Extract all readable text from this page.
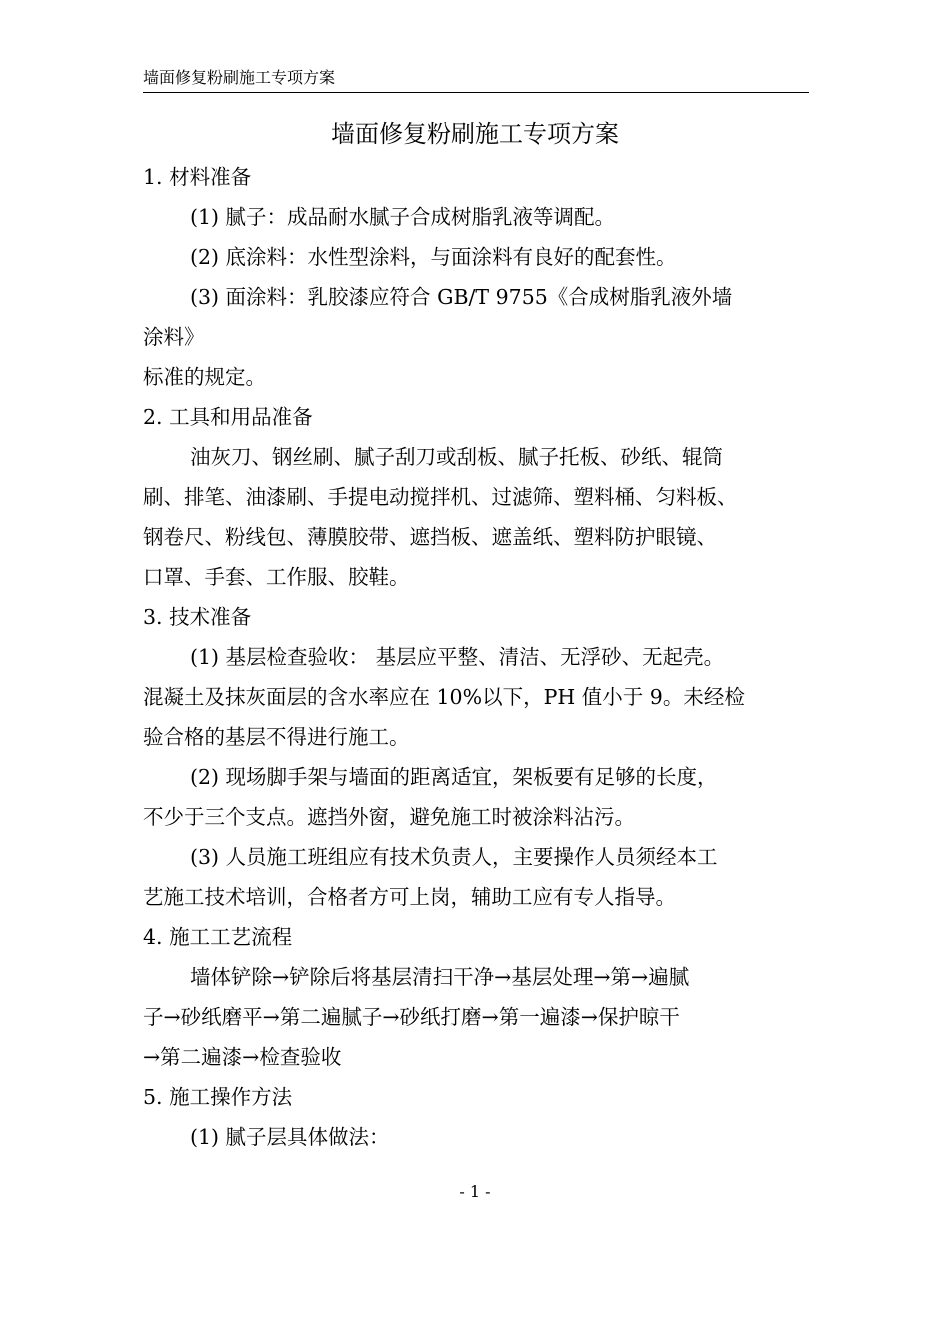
墙面修复粉刷施工专项方案
墙面修复粉刷施工专项方案
1. 材料准备
(1) 腻子：成品耐水腻子合成树脂乳液等调配。
(2) 底涂料：水性型涂料，与面涂料有良好的配套性。
(3) 面涂料：乳胶漆应符合 GB/T 9755《合成树脂乳液外墙
涂料》
标准的规定。
2. 工具和用品准备
油灰刀、钢丝刷、腻子刮刀或刮板、腻子托板、砂纸、辊筒
刷、排笔、油漆刷、手提电动搅拌机、过滤筛、塑料桶、匀料板、
钢卷尺、粉线包、薄膜胶带、遮挡板、遮盖纸、塑料防护眼镜、
口罩、手套、工作服、胶鞋。
3. 技术准备
(1) 基层检查验收： 基层应平整、清洁、无浮砂、无起壳。
混凝土及抹灰面层的含水率应在 10%以下，PH 值小于 9。未经检
验合格的基层不得进行施工。
(2) 现场脚手架与墙面的距离适宜，架板要有足够的长度，
不少于三个支点。遮挡外窗，避免施工时被涂料沾污。
(3) 人员施工班组应有技术负责人，主要操作人员须经本工
艺施工技术培训，合格者方可上岗，辅助工应有专人指导。
4. 施工工艺流程
墙体铲除→铲除后将基层清扫干净→基层处理→第→遍腻
子→砂纸磨平→第二遍腻子→砂纸打磨→第一遍漆→保护晾干
→第二遍漆→检查验收
5. 施工操作方法
(1) 腻子层具体做法：
- 1 -
